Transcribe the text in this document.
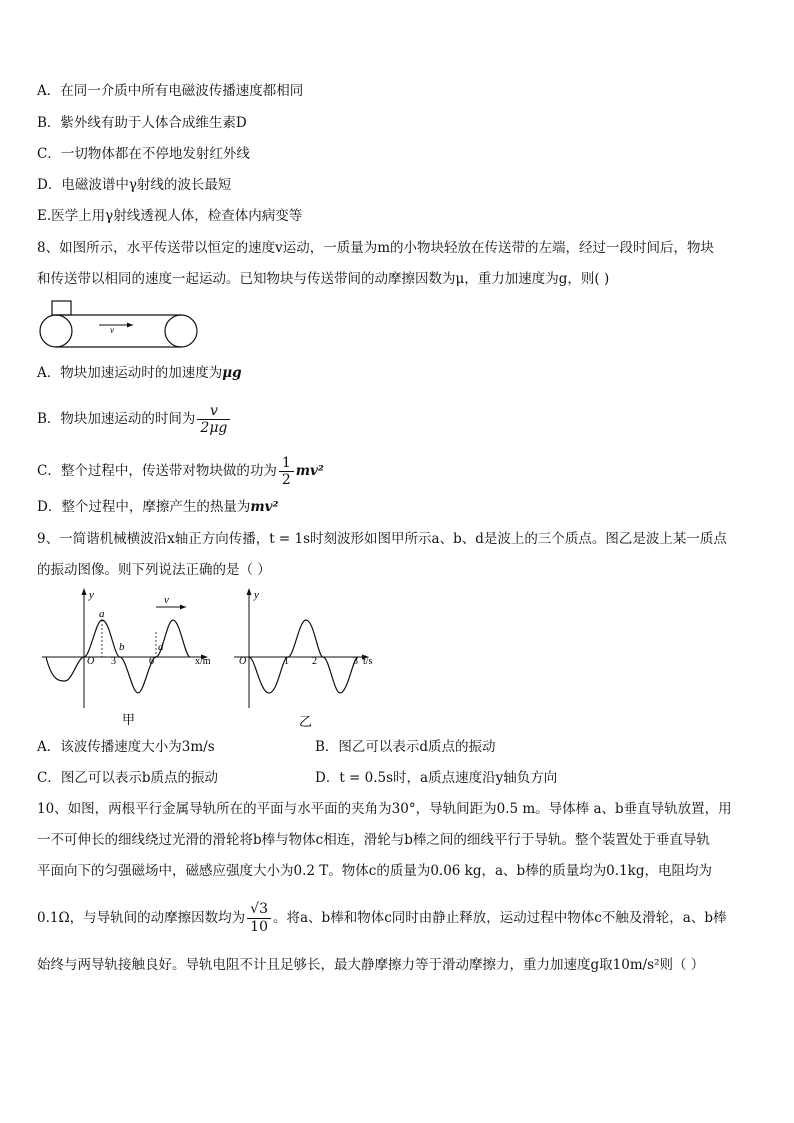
A．在同一介质中所有电磁波传播速度都相同
B．紫外线有助于人体合成维生素D
C．一切物体都在不停地发射红外线
D．电磁波谱中γ射线的波长最短
E.医学上用γ射线透视人体，检查体内病变等
8、如图所示，水平传送带以恒定的速度v运动，一质量为m的小物块轻放在传送带的左端，经过一段时间后，物块
和传送带以相同的速度一起运动。已知物块与传送带间的动摩擦因数为μ，重力加速度为g，则( )
v
A．物块加速运动时的加速度为μg
B．物块加速运动的时间为 $\frac{v}{2\mu g}$
C．整个过程中，传送带对物块做的功为 $\frac{1}{2} mv^2$
D．整个过程中，摩擦产生的热量为mv²
9、一简谐机械横波沿x轴正方向传播，t = 1s时刻波形如图甲所示a、b、d是波上的三个质点。图乙是波上某一质点
的振动图像。则下列说法正确的是（ ）
y
x/m
O 3	6
a
b	d
v
甲
y
t/s
O	1 2	3
乙
A．该波传播速度大小为3m/s	B．图乙可以表示d质点的振动
C．图乙可以表示b质点的振动	D．t = 0.5s时，a质点速度沿y轴负方向
10、如图，两根平行金属导轨所在的平面与水平面的夹角为30°，导轨间距为0.5 m。导体棒 a、b垂直导轨放置，用
一不可伸长的细线绕过光滑的滑轮将b棒与物体c相连，滑轮与b棒之间的细线平行于导轨。整个装置处于垂直导轨
平面向下的匀强磁场中，磁感应强度大小为0.2 T。物体c的质量为0.06 kg，a、b棒的质量均为0.1kg，电阻均为
0.1Ω，与导轨间的动摩擦因数均为 $\frac{√3}{10}$ 。将a、b棒和物体c同时由静止释放，运动过程中物体c不触及滑轮，a、b棒
始终与两导轨接触良好。导轨电阻不计且足够长，最大静摩擦力等于滑动摩擦力，重力加速度g取10m/s²则（ ）
